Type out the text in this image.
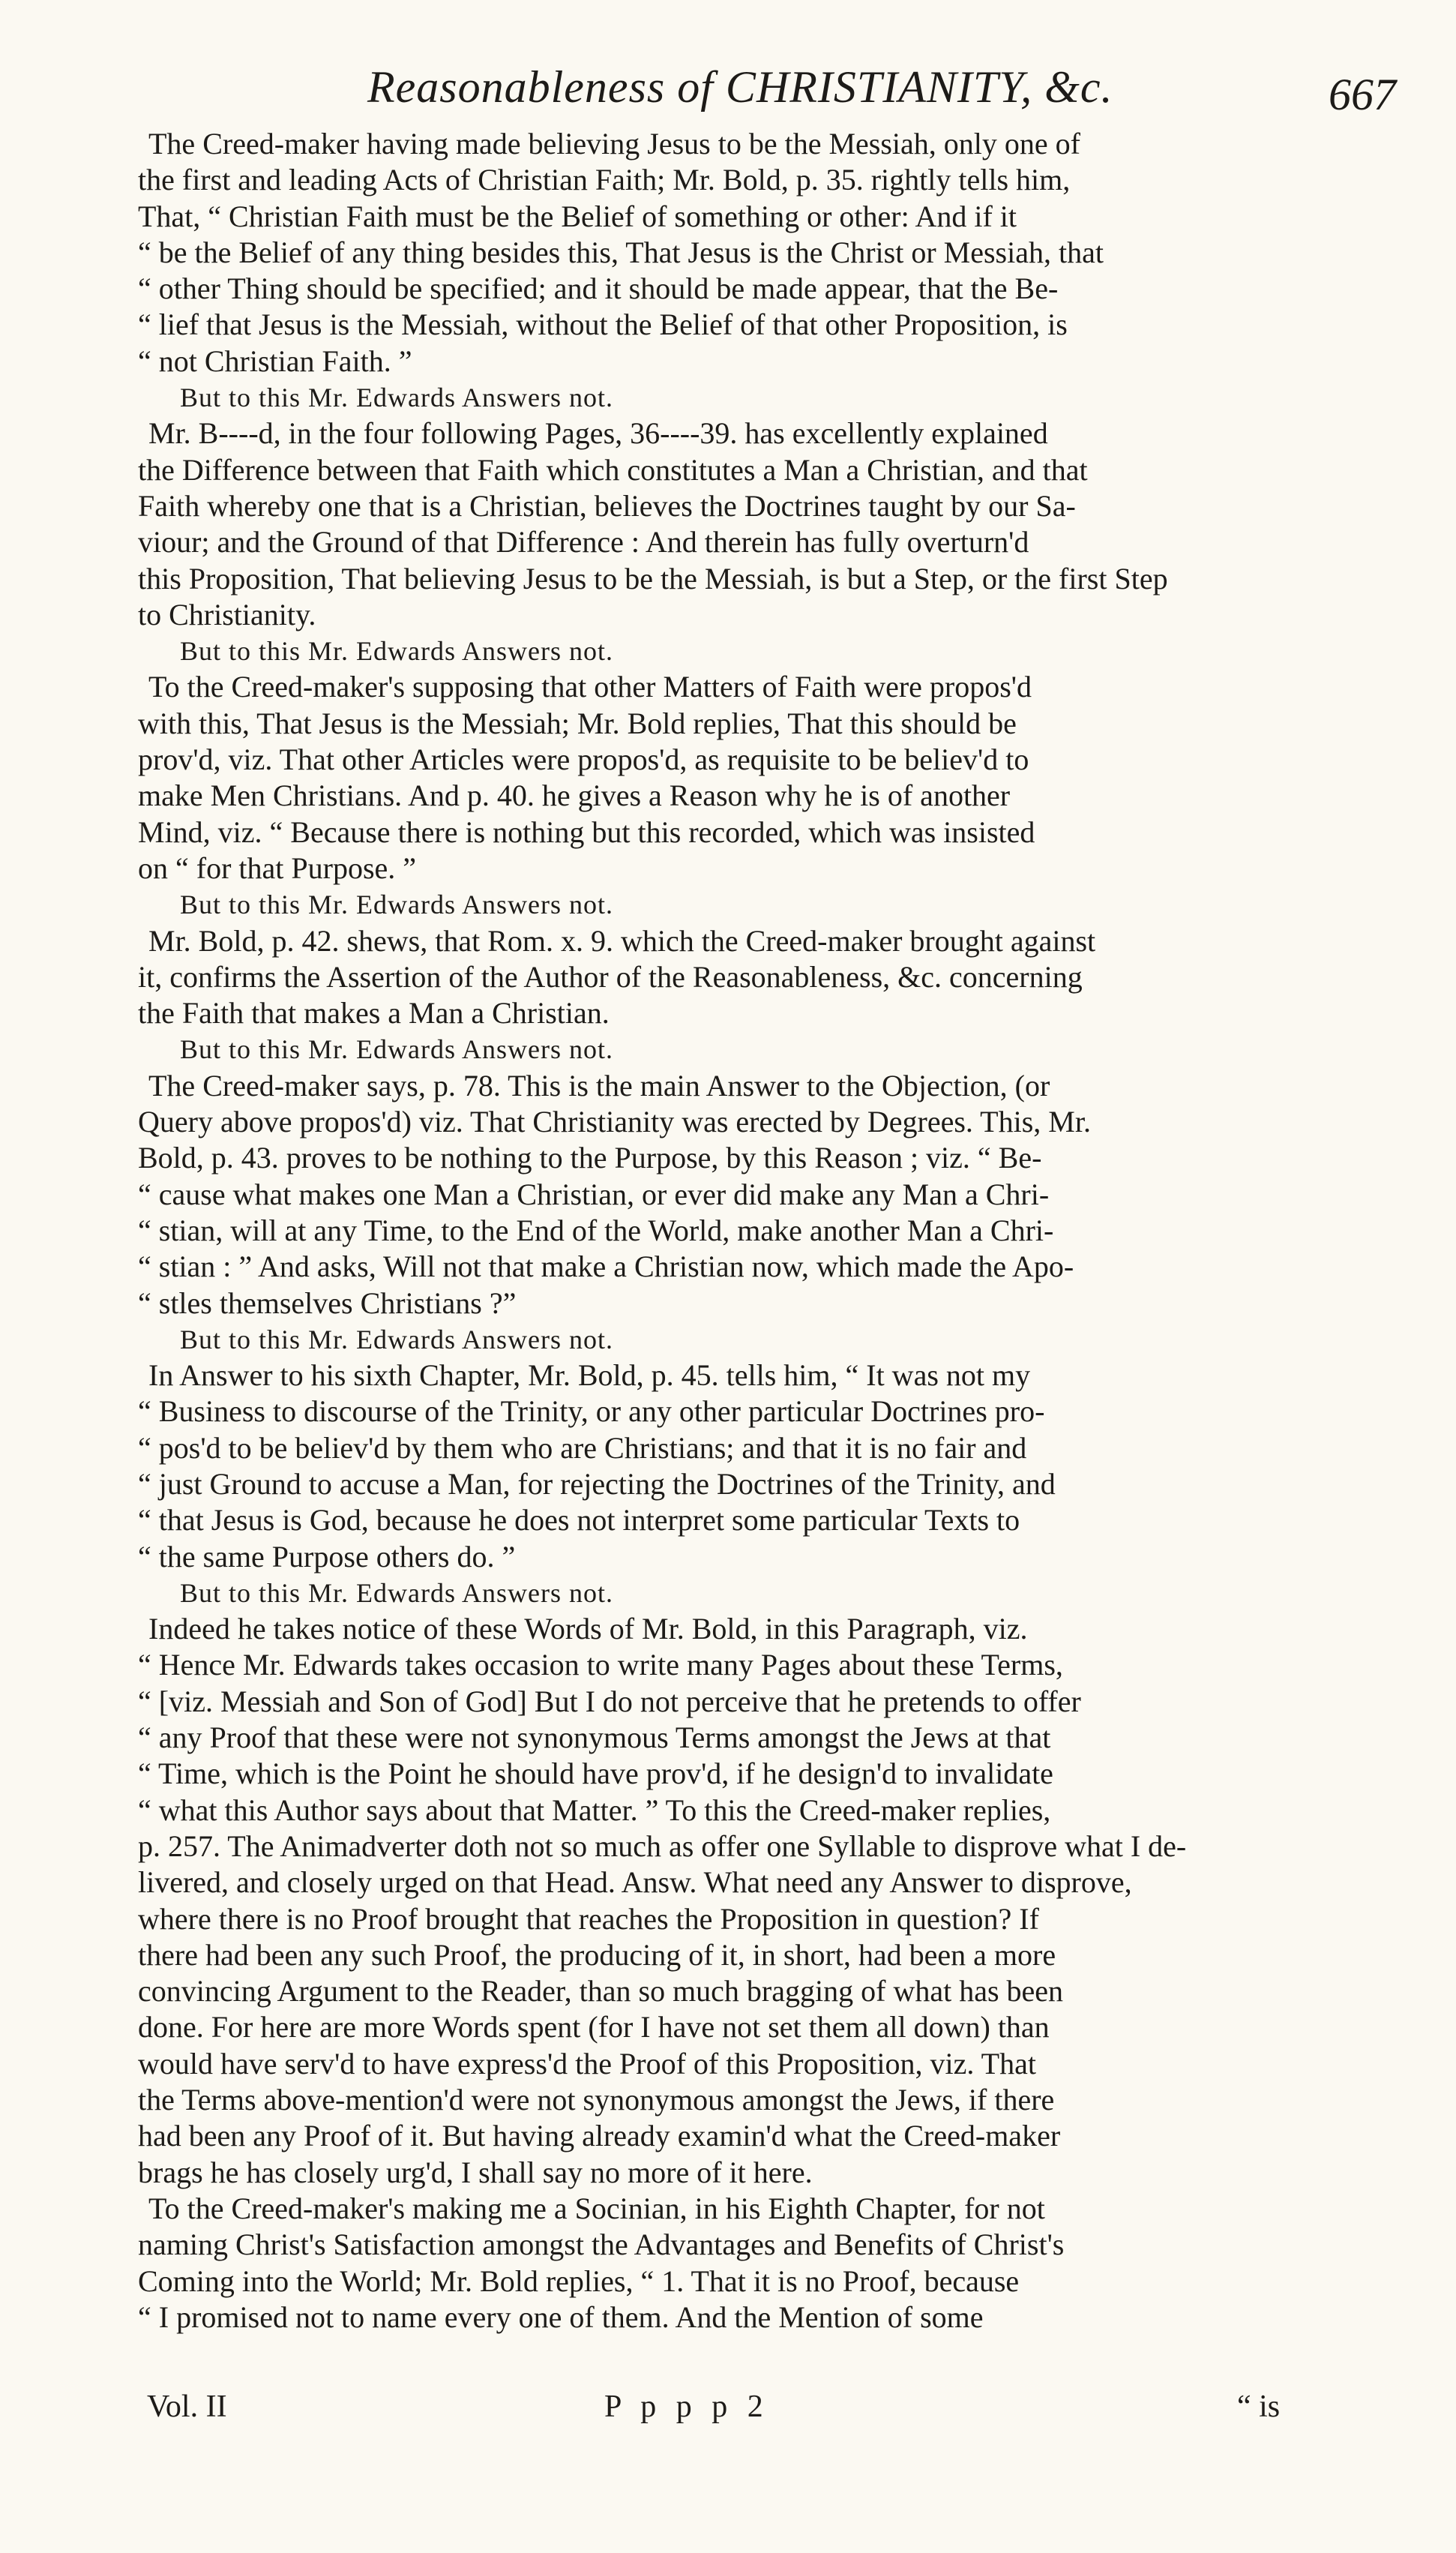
Reasonableness of CHRISTIANITY, &c.	667
The Creed-maker having made believing Jesus to be the Messiah, only one of
the first and leading Acts of Christian Faith; Mr. Bold, p. 35. rightly tells him,
That, “ Christian Faith must be the Belief of something or other: And if it
“ be the Belief of any thing besides this, That Jesus is the Christ or Messiah, that
“ other Thing should be specified; and it should be made appear, that the Be-
“ lief that Jesus is the Messiah, without the Belief of that other Proposition, is
“ not Christian Faith. ”
But to this Mr. Edwards Answers not.
Mr. B----d, in the four following Pages, 36----39. has excellently explained
the Difference between that Faith which constitutes a Man a Christian, and that
Faith whereby one that is a Christian, believes the Doctrines taught by our Sa-
viour; and the Ground of that Difference : And therein has fully overturn'd
this Proposition, That believing Jesus to be the Messiah, is but a Step, or the first Step
to Christianity.
But to this Mr. Edwards Answers not.
To the Creed-maker's supposing that other Matters of Faith were propos'd
with this, That Jesus is the Messiah; Mr. Bold replies, That this should be
prov'd, viz. That other Articles were propos'd, as requisite to be believ'd to
make Men Christians. And p. 40. he gives a Reason why he is of another
Mind, viz. “ Because there is nothing but this recorded, which was insisted
on “ for that Purpose. ”
But to this Mr. Edwards Answers not.
Mr. Bold, p. 42. shews, that Rom. x. 9. which the Creed-maker brought against
it, confirms the Assertion of the Author of the Reasonableness, &c. concerning
the Faith that makes a Man a Christian.
But to this Mr. Edwards Answers not.
The Creed-maker says, p. 78. This is the main Answer to the Objection, (or
Query above propos'd) viz. That Christianity was erected by Degrees. This, Mr.
Bold, p. 43. proves to be nothing to the Purpose, by this Reason ; viz. “ Be-
“ cause what makes one Man a Christian, or ever did make any Man a Chri-
“ stian, will at any Time, to the End of the World, make another Man a Chri-
“ stian : ” And asks, Will not that make a Christian now, which made the Apo-
“ stles themselves Christians ?”
But to this Mr. Edwards Answers not.
In Answer to his sixth Chapter, Mr. Bold, p. 45. tells him, “ It was not my
“ Business to discourse of the Trinity, or any other particular Doctrines pro-
“ pos'd to be believ'd by them who are Christians; and that it is no fair and
“ just Ground to accuse a Man, for rejecting the Doctrines of the Trinity, and
“ that Jesus is God, because he does not interpret some particular Texts to
“ the same Purpose others do. ”
But to this Mr. Edwards Answers not.
Indeed he takes notice of these Words of Mr. Bold, in this Paragraph, viz.
“ Hence Mr. Edwards takes occasion to write many Pages about these Terms,
“ [viz. Messiah and Son of God] But I do not perceive that he pretends to offer
“ any Proof that these were not synonymous Terms amongst the Jews at that
“ Time, which is the Point he should have prov'd, if he design'd to invalidate
“ what this Author says about that Matter. ” To this the Creed-maker replies,
p. 257. The Animadverter doth not so much as offer one Syllable to disprove what I de-
livered, and closely urged on that Head. Answ. What need any Answer to disprove,
where there is no Proof brought that reaches the Proposition in question? If
there had been any such Proof, the producing of it, in short, had been a more
convincing Argument to the Reader, than so much bragging of what has been
done. For here are more Words spent (for I have not set them all down) than
would have serv'd to have express'd the Proof of this Proposition, viz. That
the Terms above-mention'd were not synonymous amongst the Jews, if there
had been any Proof of it. But having already examin'd what the Creed-maker
brags he has closely urg'd, I shall say no more of it here.
To the Creed-maker's making me a Socinian, in his Eighth Chapter, for not
naming Christ's Satisfaction amongst the Advantages and Benefits of Christ's
Coming into the World; Mr. Bold replies, “ 1. That it is no Proof, because
“ I promised not to name every one of them. And the Mention of some
Vol. II	P p p p 2	“ is
